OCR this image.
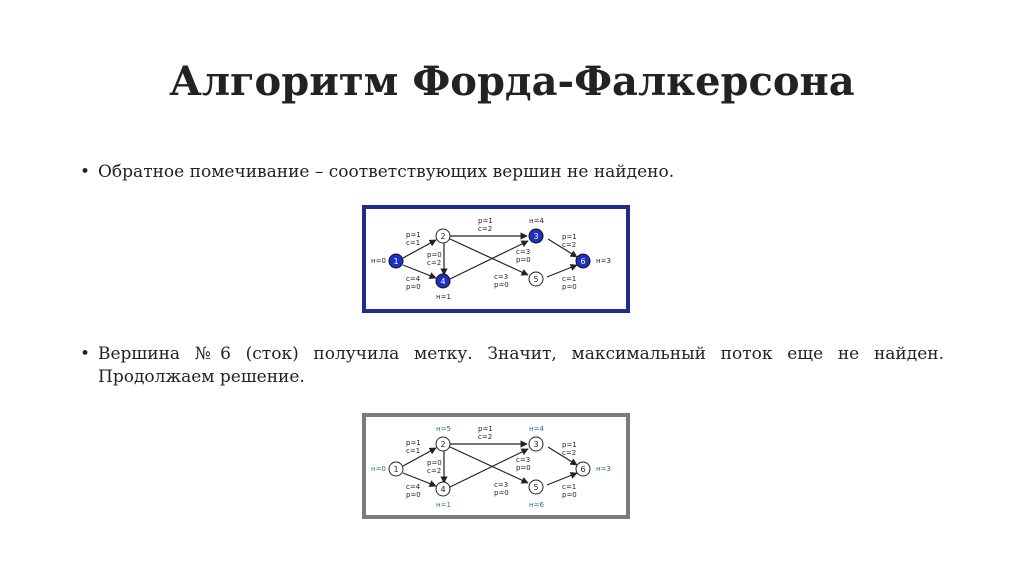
Алгоритм Форда-Фалкерсона
• Обратное помечивание – соответствующих вершин не найдено.
1
2	3
4	5
6
н=0
н=4
н=1
н=3
р=1
с=1
с=4
р=0
р=1
с=2
р=0
с=2
с=3
р=0
р=1
с=2
с=3
р=0
с=1
р=0
• Вершина №6 (сток) получила метку. Значит, максимальный поток еще не найден. Продолжаем решение.
1
2	3
4	5
6
н=0
н=5	н=4
н=1	н=6
н=3
р=1
с=1
с=4
р=0
р=1
с=2
р=0
с=2
с=3
р=0
р=1
с=2
с=3
р=0
с=1
р=0
